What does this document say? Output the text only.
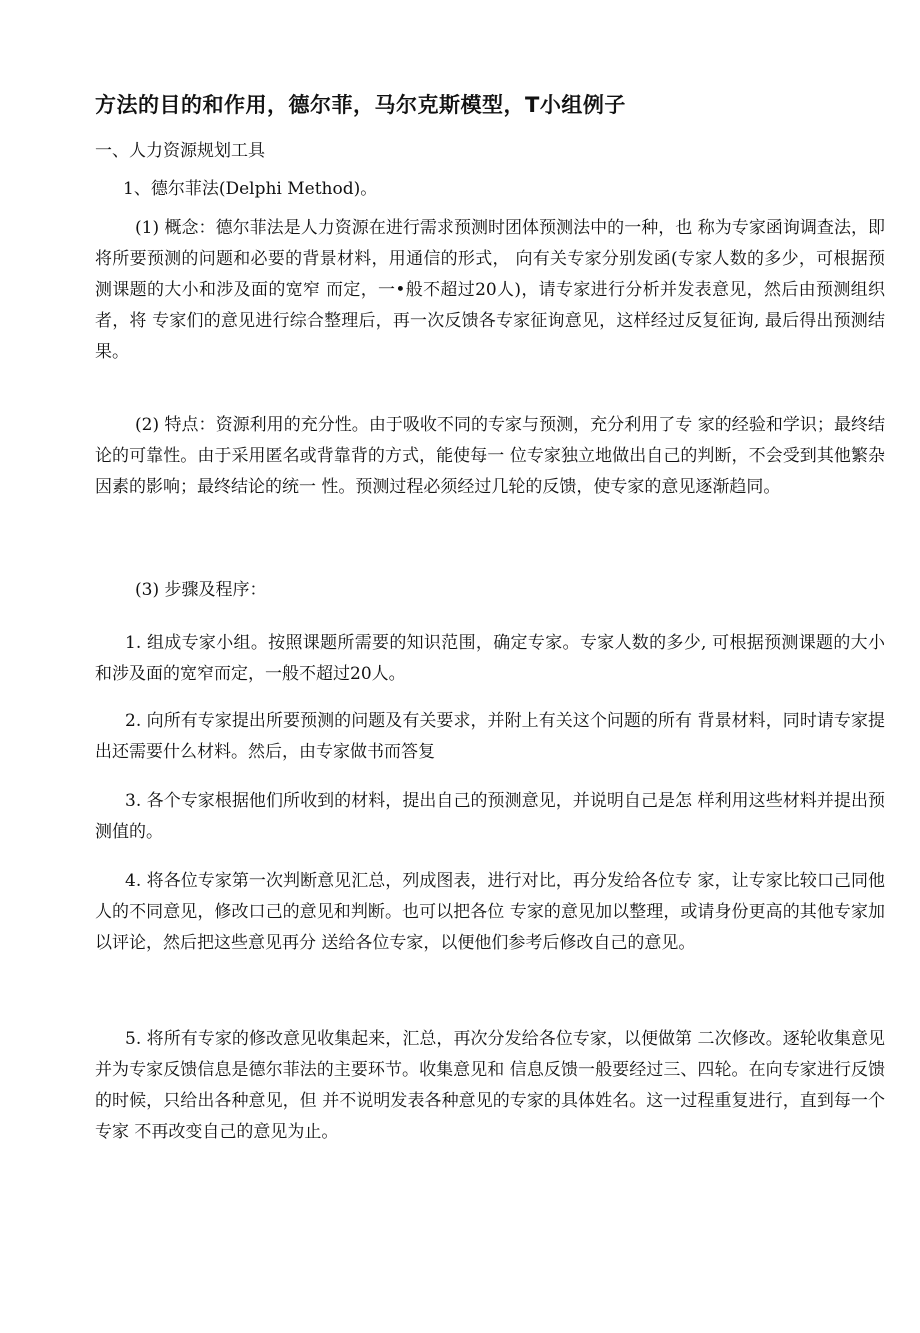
方法的目的和作用，德尔菲，马尔克斯模型，T小组例子
一、人力资源规划工具
1、德尔菲法(Delphi Method)。

(1) 概念：德尔菲法是人力资源在进行需求预测时团体预测法中的一种，也 称为专家函询调查法，即将所要预测的问题和必要的背景材料，用通信的形式， 向有关专家分别发函(专家人数的多少，可根据预测课题的大小和涉及面的宽窄 而定，一•般不超过20人)，请专家进行分析并发表意见，然后由预测组织者，将 专家们的意见进行综合整理后，再一次反馈各专家征询意见，这样经过反复征询, 最后得出预测结果。

(2) 特点：资源利用的充分性。由于吸收不同的专家与预测，充分利用了专 家的经验和学识；最终结论的可靠性。由于采用匿名或背靠背的方式，能使每一 位专家独立地做出自己的判断，不会受到其他繁杂因素的影响；最终结论的统一 性。预测过程必须经过几轮的反馈，使专家的意见逐渐趋同。

(3) 步骤及程序：

1. 组成专家小组。按照课题所需要的知识范围，确定专家。专家人数的多少, 可根据预测课题的大小和涉及面的宽窄而定，一般不超过20人。

2. 向所有专家提出所要预测的问题及有关要求，并附上有关这个问题的所有 背景材料，同时请专家提出还需要什么材料。然后，由专家做书而答复

3. 各个专家根据他们所收到的材料，提出自己的预测意见，并说明自己是怎 样利用这些材料并提出预测值的。

4. 将各位专家第一次判断意见汇总，列成图表，进行对比，再分发给各位专 家，让专家比较口己同他人的不同意见，修改口己的意见和判断。也可以把各位 专家的意见加以整理，或请身份更高的其他专家加以评论，然后把这些意见再分 送给各位专家，以便他们参考后修改自己的意见。

5. 将所有专家的修改意见收集起来，汇总，再次分发给各位专家，以便做第 二次修改。逐轮收集意见并为专家反馈信息是德尔菲法的主要环节。收集意见和 信息反馈一般要经过三、四轮。在向专家进行反馈的时候，只给出各种意见，但 并不说明发表各种意见的专家的具体姓名。这一过程重复进行，直到每一个专家 不再改变自己的意见为止。
